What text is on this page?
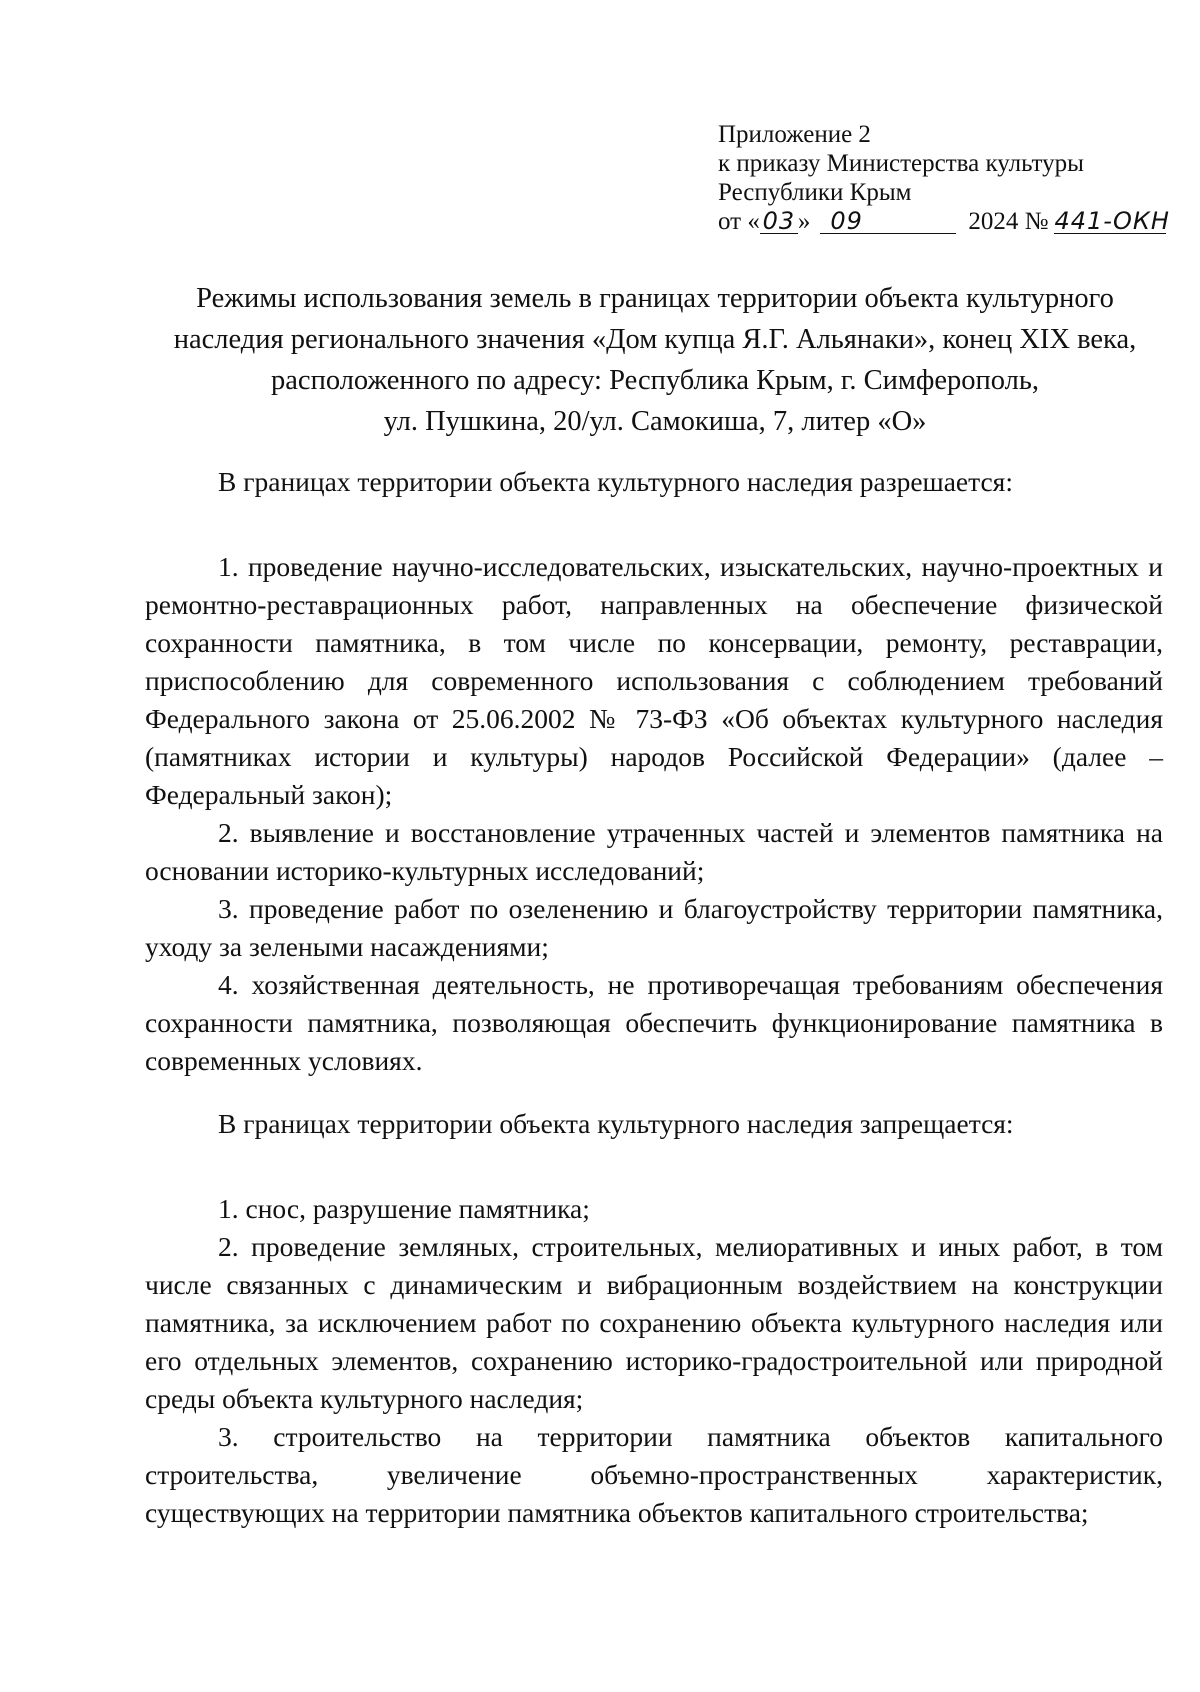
Приложение 2
к приказу Министерства культуры
Республики Крым
от « 03 » 09	2024 № 441-ОКН
Режимы использования земель в границах территории объекта культурного
наследия регионального значения «Дом купца Я.Г. Альянаки», конец XIX века,
расположенного по адресу: Республика Крым, г. Симферополь,
ул. Пушкина, 20/ул. Самокиша, 7, литер «О»
В границах территории объекта культурного наследия разрешается:

1. проведение научно-исследовательских, изыскательских, научно-проектных и ремонтно-реставрационных работ, направленных на обеспечение физической сохранности памятника, в том числе по консервации, ремонту, реставрации, приспособлению для современного использования с соблюдением требований Федерального закона от 25.06.2002 № 73-ФЗ «Об объектах культурного наследия (памятниках истории и культуры) народов Российской Федерации» (далее – Федеральный закон);

2. выявление и восстановление утраченных частей и элементов памятника на основании историко-культурных исследований;

3. проведение работ по озеленению и благоустройству территории памятника, уходу за зелеными насаждениями;

4. хозяйственная деятельность, не противоречащая требованиям обеспечения сохранности памятника, позволяющая обеспечить функционирование памятника в современных условиях.

В границах территории объекта культурного наследия запрещается:

1. снос, разрушение памятника;

2. проведение земляных, строительных, мелиоративных и иных работ, в том числе связанных с динамическим и вибрационным воздействием на конструкции памятника, за исключением работ по сохранению объекта культурного наследия или его отдельных элементов, сохранению историко-градостроительной или природной среды объекта культурного наследия;

3. строительство на территории памятника объектов капитального строительства, увеличение объемно-пространственных характеристик, существующих на территории памятника объектов капитального строительства;
